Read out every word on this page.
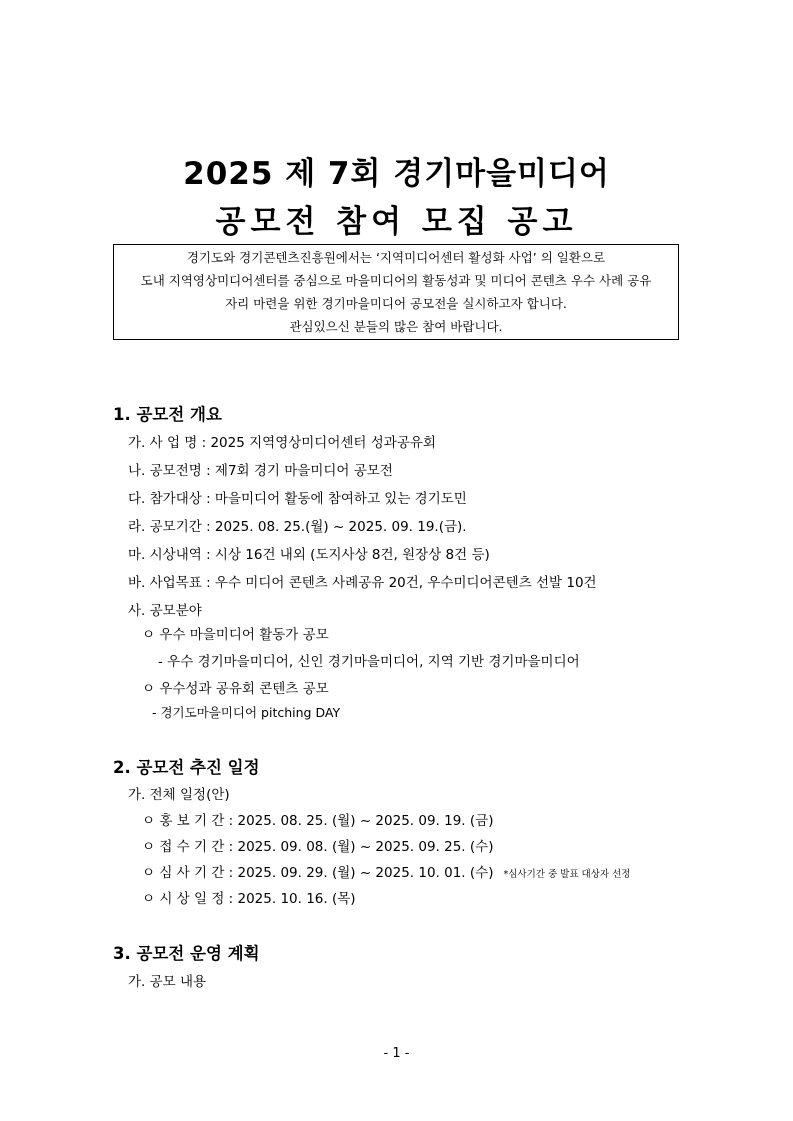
2025 제 7회 경기마을미디어
공모전 참여 모집 공고
경기도와 경기콘텐츠진흥원에서는 ‘지역미디어센터 활성화 사업’ 의 일환으로
도내 지역영상미디어센터를 중심으로 마을미디어의 활동성과 및 미디어 콘텐츠 우수 사례 공유
자리 마련을 위한 경기마을미디어 공모전을 실시하고자 합니다.
관심있으신 분들의 많은 참여 바랍니다.
1. 공모전 개요
가. 사 업 명 : 2025 지역영상미디어센터 성과공유회
나. 공모전명 : 제7회 경기 마을미디어 공모전
다. 참가대상 : 마을미디어 활동에 참여하고 있는 경기도민
라. 공모기간 : 2025. 08. 25.(월) ~ 2025. 09. 19.(금).
마. 시상내역 : 시상 16건 내외 (도지사상 8건, 원장상 8건 등)
바. 사업목표 : 우수 미디어 콘텐츠 사례공유 20건, 우수미디어콘텐츠 선발 10건
사. 공모분야
ㅇ 우수 마을미디어 활동가 공모
- 우수 경기마을미디어, 신인 경기마을미디어, 지역 기반 경기마을미디어
ㅇ 우수성과 공유회 콘텐츠 공모
- 경기도마을미디어 pitching DAY
2. 공모전 추진 일정
가. 전체 일정(안)
ㅇ 홍 보 기 간 : 2025. 08. 25. (월) ~ 2025. 09. 19. (금)
ㅇ 접 수 기 간 : 2025. 09. 08. (월) ~ 2025. 09. 25. (수)
ㅇ 심 사 기 간 : 2025. 09. 29. (월) ~ 2025. 10. 01. (수) *심사기간 중 발표 대상자 선정
ㅇ 시 상 일 정 : 2025. 10. 16. (목)
3. 공모전 운영 계획
가. 공모 내용
- 1 -
